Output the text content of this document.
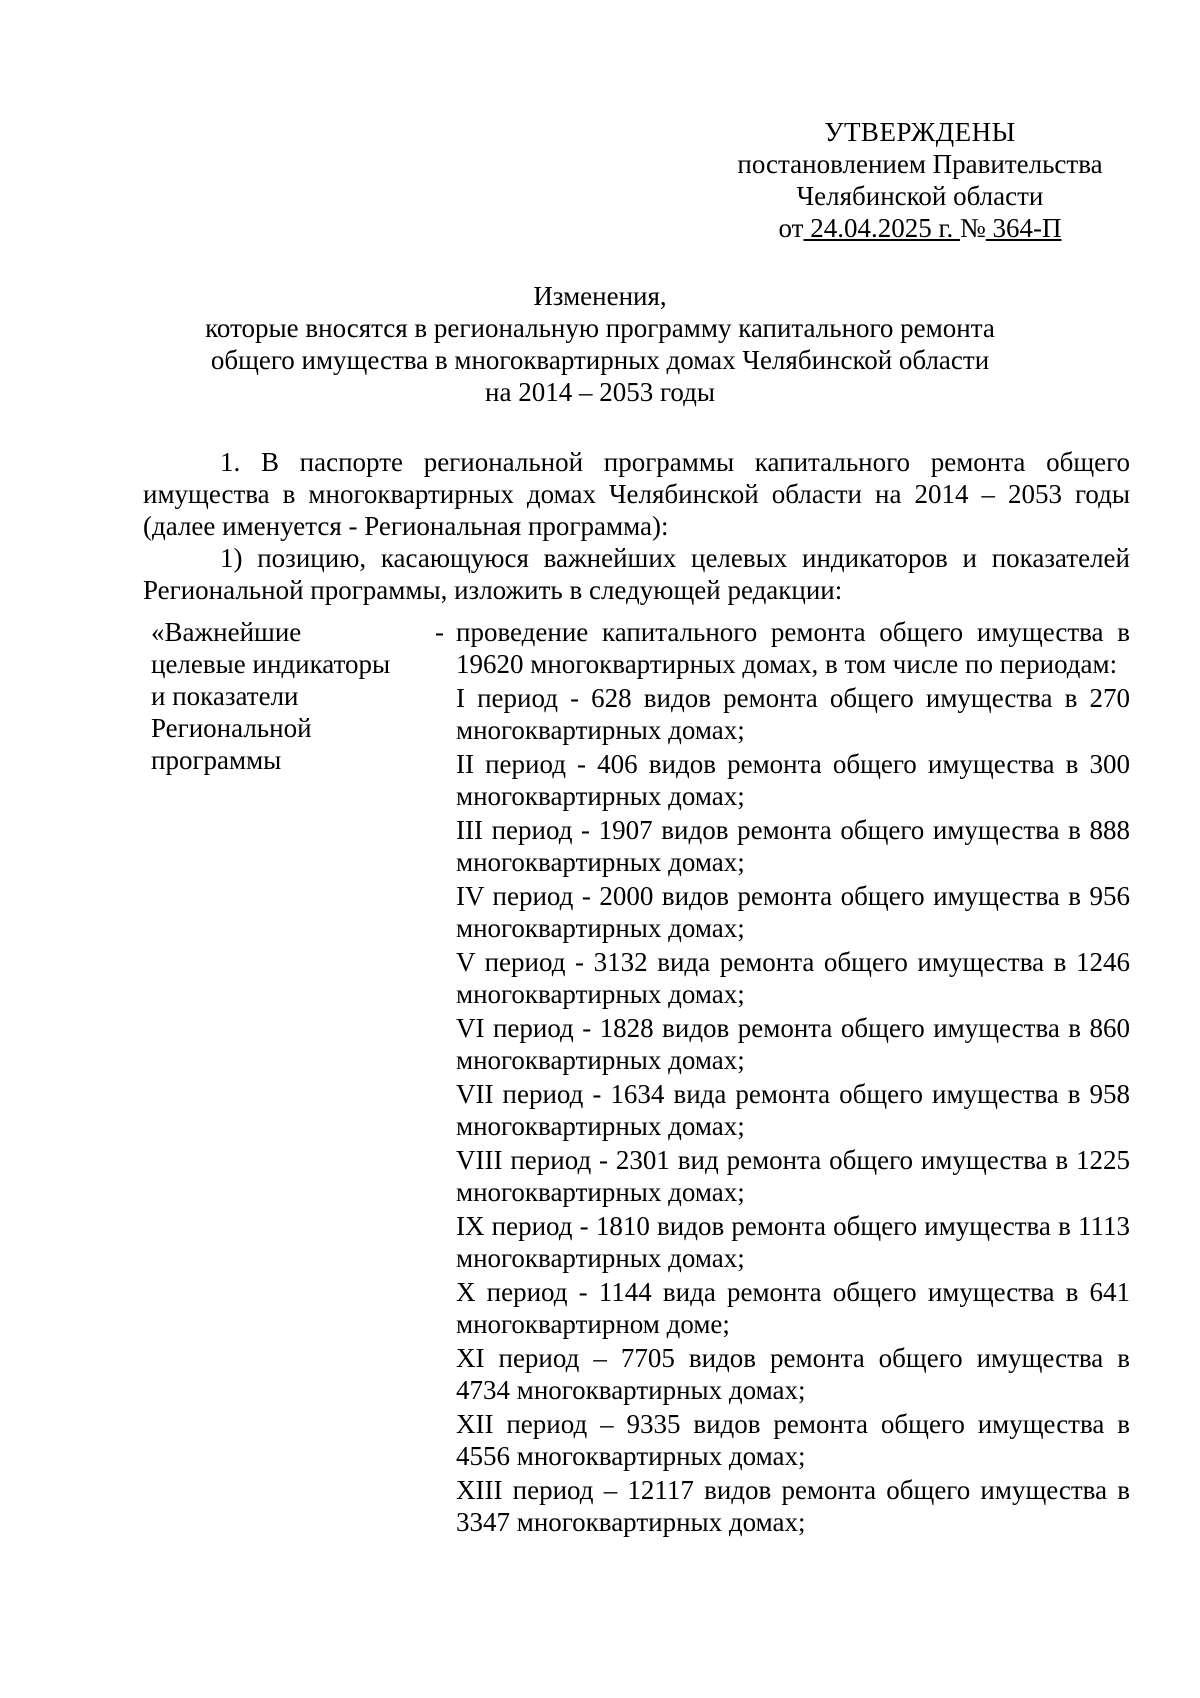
УТВЕРЖДЕНЫ
постановлением Правительства
Челябинской области
от 24.04.2025 г. № 364-П
Изменения,
которые вносятся в региональную программу капитального ремонта
общего имущества в многоквартирных домах Челябинской области
на 2014 – 2053 годы

1. В паспорте региональной программы капитального ремонта общего имущества в многоквартирных домах Челябинской области на 2014 – 2053 годы (далее именуется - Региональная программа):

1) позицию, касающуюся важнейших целевых индикаторов и показателей Региональной программы, изложить в следующей редакции:

«Важнейшие
целевые индикаторы
и показатели
Региональной
программы
- проведение капитального ремонта общего имущества в 19620 многоквартирных домах, в том числе по периодам:

I период - 628 видов ремонта общего имущества в 270 многоквартирных домах;

II период - 406 видов ремонта общего имущества в 300 многоквартирных домах;

III период - 1907 видов ремонта общего имущества в 888 многоквартирных домах;

IV период - 2000 видов ремонта общего имущества в 956 многоквартирных домах;

V период - 3132 вида ремонта общего имущества в 1246 многоквартирных домах;

VI период - 1828 видов ремонта общего имущества в 860 многоквартирных домах;

VII период - 1634 вида ремонта общего имущества в 958 многоквартирных домах;

VIII период - 2301 вид ремонта общего имущества в 1225 многоквартирных домах;

IX период - 1810 видов ремонта общего имущества в 1113 многоквартирных домах;

X период - 1144 вида ремонта общего имущества в 641 многоквартирном доме;

XI период – 7705 видов ремонта общего имущества в 4734 многоквартирных домах;

XII период – 9335 видов ремонта общего имущества в 4556 многоквартирных домах;

XIII период – 12117 видов ремонта общего имущества в 3347 многоквартирных домах;
